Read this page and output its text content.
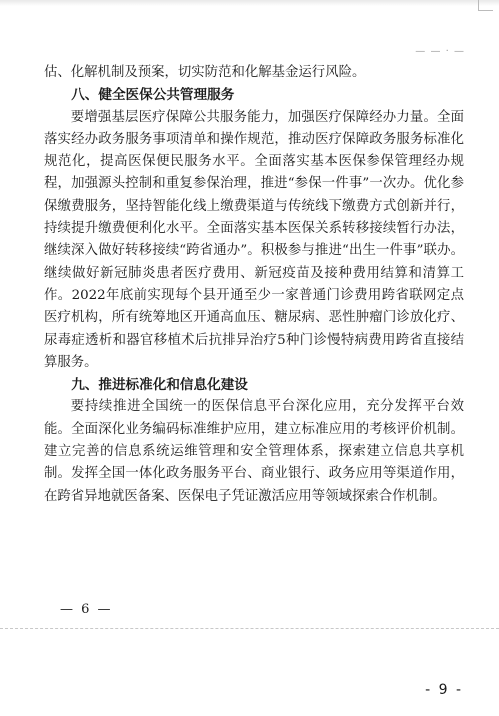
— — · —

估、化解机制及预案，切实防范和化解基金运行风险。

八、健全医保公共管理服务

要增强基层医疗保障公共服务能力，加强医疗保障经办力量。全面落实经办政务服务事项清单和操作规范，推动医疗保障政务服务标准化规范化，提高医保便民服务水平。全面落实基本医保参保管理经办规程，加强源头控制和重复参保治理，推进“参保一件事”一次办。优化参保缴费服务，坚持智能化线上缴费渠道与传统线下缴费方式创新并行，持续提升缴费便利化水平。全面落实基本医保关系转移接续暂行办法，继续深入做好转移接续“跨省通办”。积极参与推进“出生一件事”联办。继续做好新冠肺炎患者医疗费用、新冠疫苗及接种费用结算和清算工作。2022年底前实现每个县开通至少一家普通门诊费用跨省联网定点医疗机构，所有统筹地区开通高血压、糖尿病、恶性肿瘤门诊放化疗、尿毒症透析和器官移植术后抗排异治疗5种门诊慢特病费用跨省直接结算服务。

九、推进标准化和信息化建设

要持续推进全国统一的医保信息平台深化应用，充分发挥平台效能。全面深化业务编码标准维护应用，建立标准应用的考核评价机制。建立完善的信息系统运维管理和安全管理体系，探索建立信息共享机制。发挥全国一体化政务服务平台、商业银行、政务应用等渠道作用，在跨省异地就医备案、医保电子凭证激活应用等领域探索合作机制。

— 6 —
- 9 -
